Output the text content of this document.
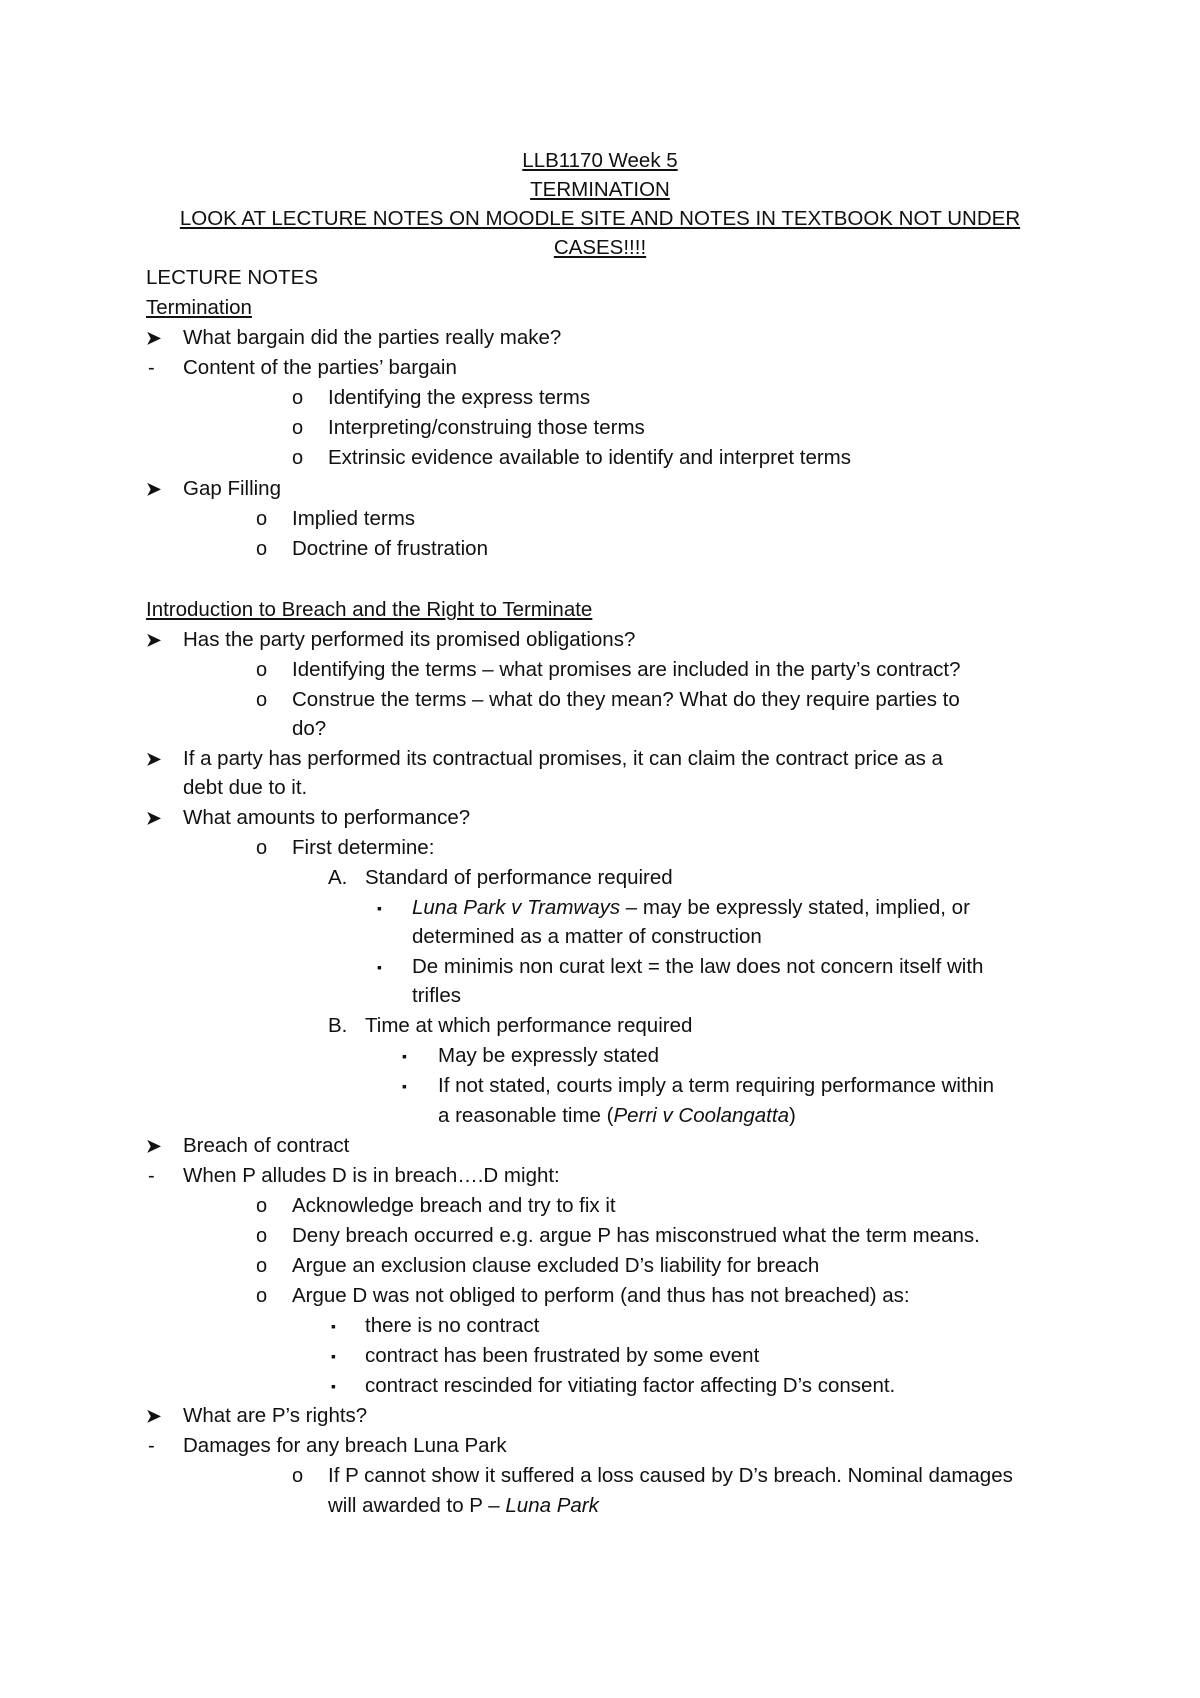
LLB1170 Week 5
TERMINATION
LOOK AT LECTURE NOTES ON MOODLE SITE AND NOTES IN TEXTBOOK NOT UNDER
CASES!!!!
LECTURE NOTES
Termination
➤ What bargain did the parties really make?
- Content of the parties’ bargain
o Identifying the express terms
o Interpreting/construing those terms
o Extrinsic evidence available to identify and interpret terms
➤ Gap Filling
o Implied terms
o Doctrine of frustration
Introduction to Breach and the Right to Terminate
➤ Has the party performed its promised obligations?
o Identifying the terms – what promises are included in the party’s contract?
o Construe the terms – what do they mean? What do they require parties to
do?
➤ If a party has performed its contractual promises, it can claim the contract price as a
debt due to it.
➤ What amounts to performance?
o First determine:
A. Standard of performance required
▪ Luna Park v Tramways – may be expressly stated, implied, or
determined as a matter of construction
▪ De minimis non curat lext = the law does not concern itself with
trifles
B. Time at which performance required
▪ May be expressly stated
▪ If not stated, courts imply a term requiring performance within
a reasonable time (Perri v Coolangatta)
➤ Breach of contract
- When P alludes D is in breach….D might:
o Acknowledge breach and try to fix it
o Deny breach occurred e.g. argue P has misconstrued what the term means.
o Argue an exclusion clause excluded D’s liability for breach
o Argue D was not obliged to perform (and thus has not breached) as:
▪ there is no contract
▪ contract has been frustrated by some event
▪ contract rescinded for vitiating factor affecting D’s consent.
➤ What are P’s rights?
- Damages for any breach Luna Park
o If P cannot show it suffered a loss caused by D’s breach. Nominal damages
will awarded to P – Luna Park
